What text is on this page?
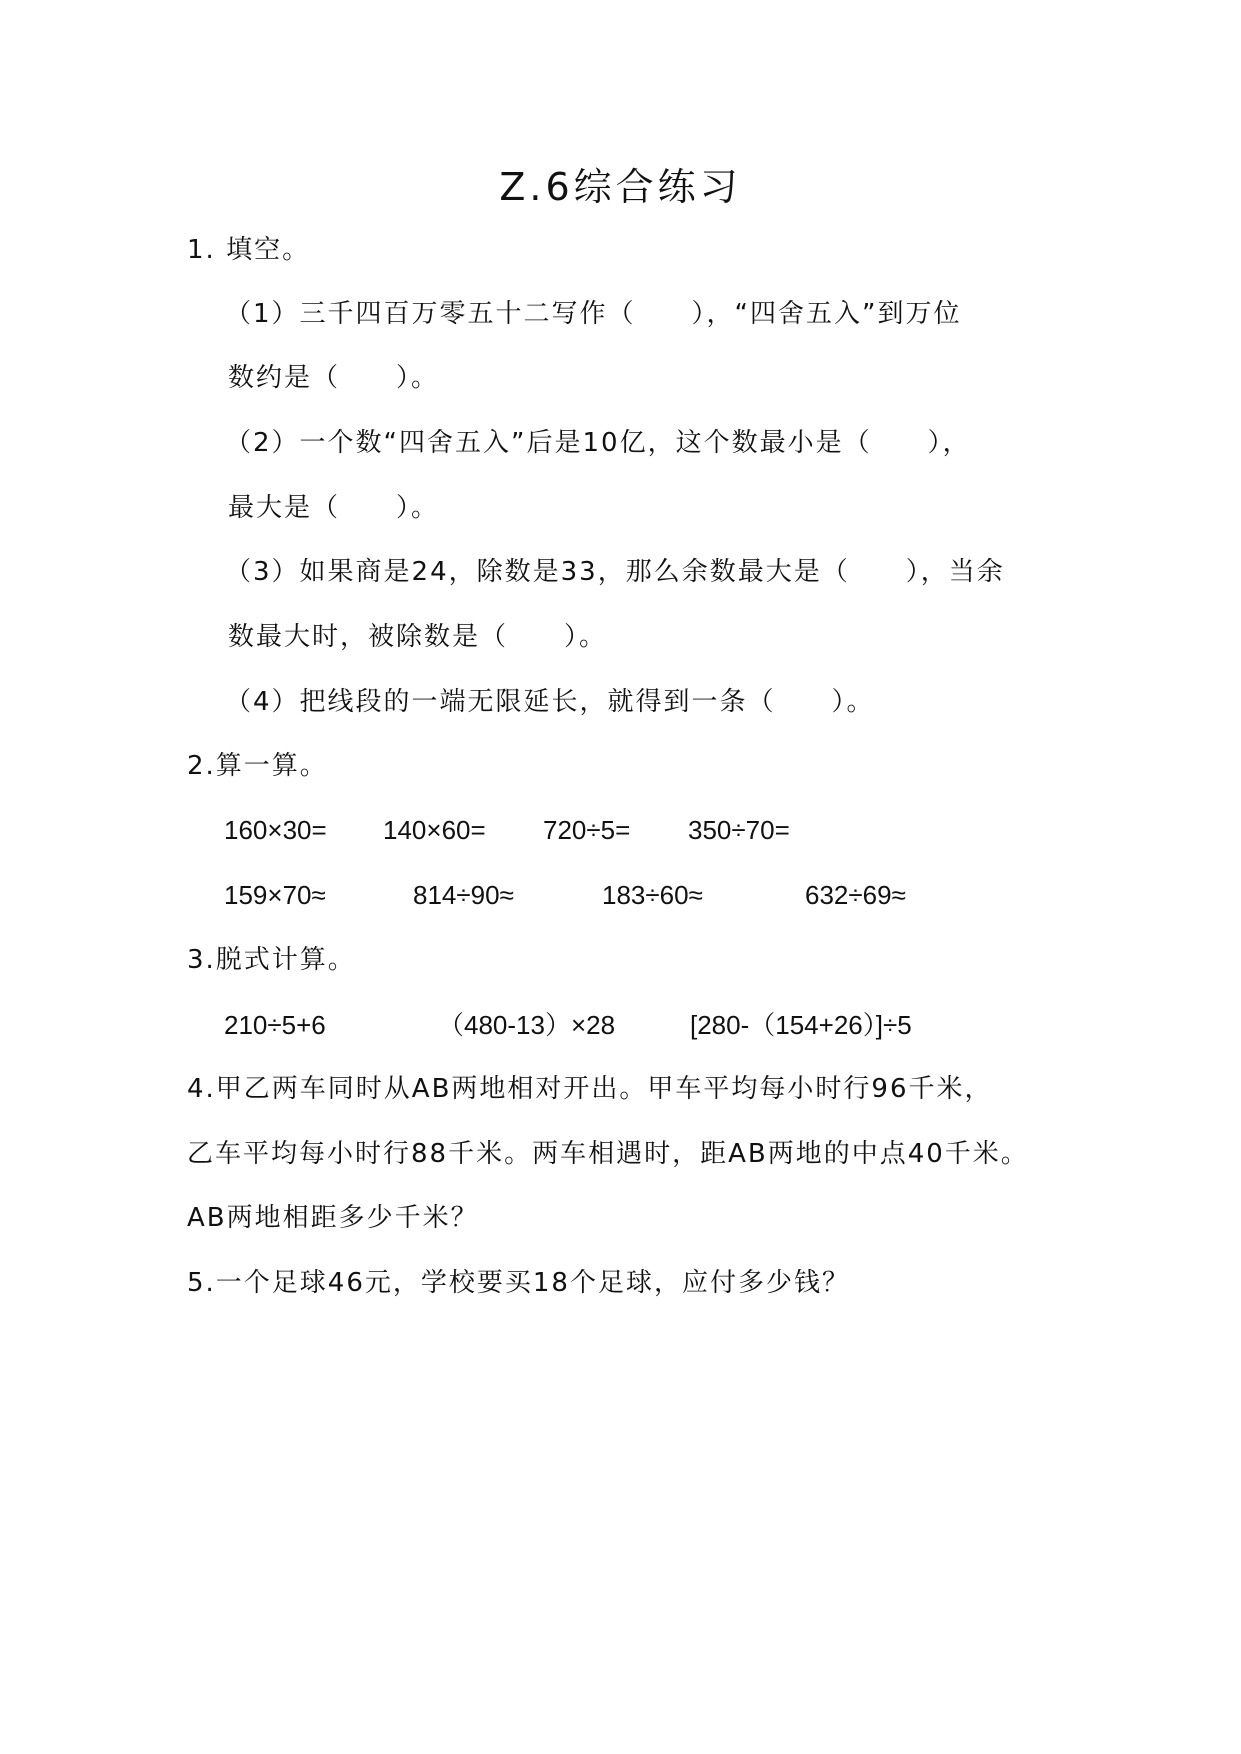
Z.6综合练习
1. 填空。
（1）三千四百万零五十二写作（　　），“四舍五入”到万位
数约是（　　）。
（2）一个数“四舍五入”后是10亿，这个数最小是（　　），
最大是（　　）。
（3）如果商是24，除数是33，那么余数最大是（　　），当余
数最大时，被除数是（　　）。
（4）把线段的一端无限延长，就得到一条（　　）。
2.算一算。
160×30= 140×60= 720÷5= 350÷70=
159×70≈	814÷90≈	183÷60≈	632÷69≈
3.脱式计算。
210÷5+6	（480-13）×28	[280-（154+26）]÷5
4.甲乙两车同时从AB两地相对开出。甲车平均每小时行96千米，
乙车平均每小时行88千米。两车相遇时，距AB两地的中点40千米。
AB两地相距多少千米？
5.一个足球46元，学校要买18个足球，应付多少钱？
